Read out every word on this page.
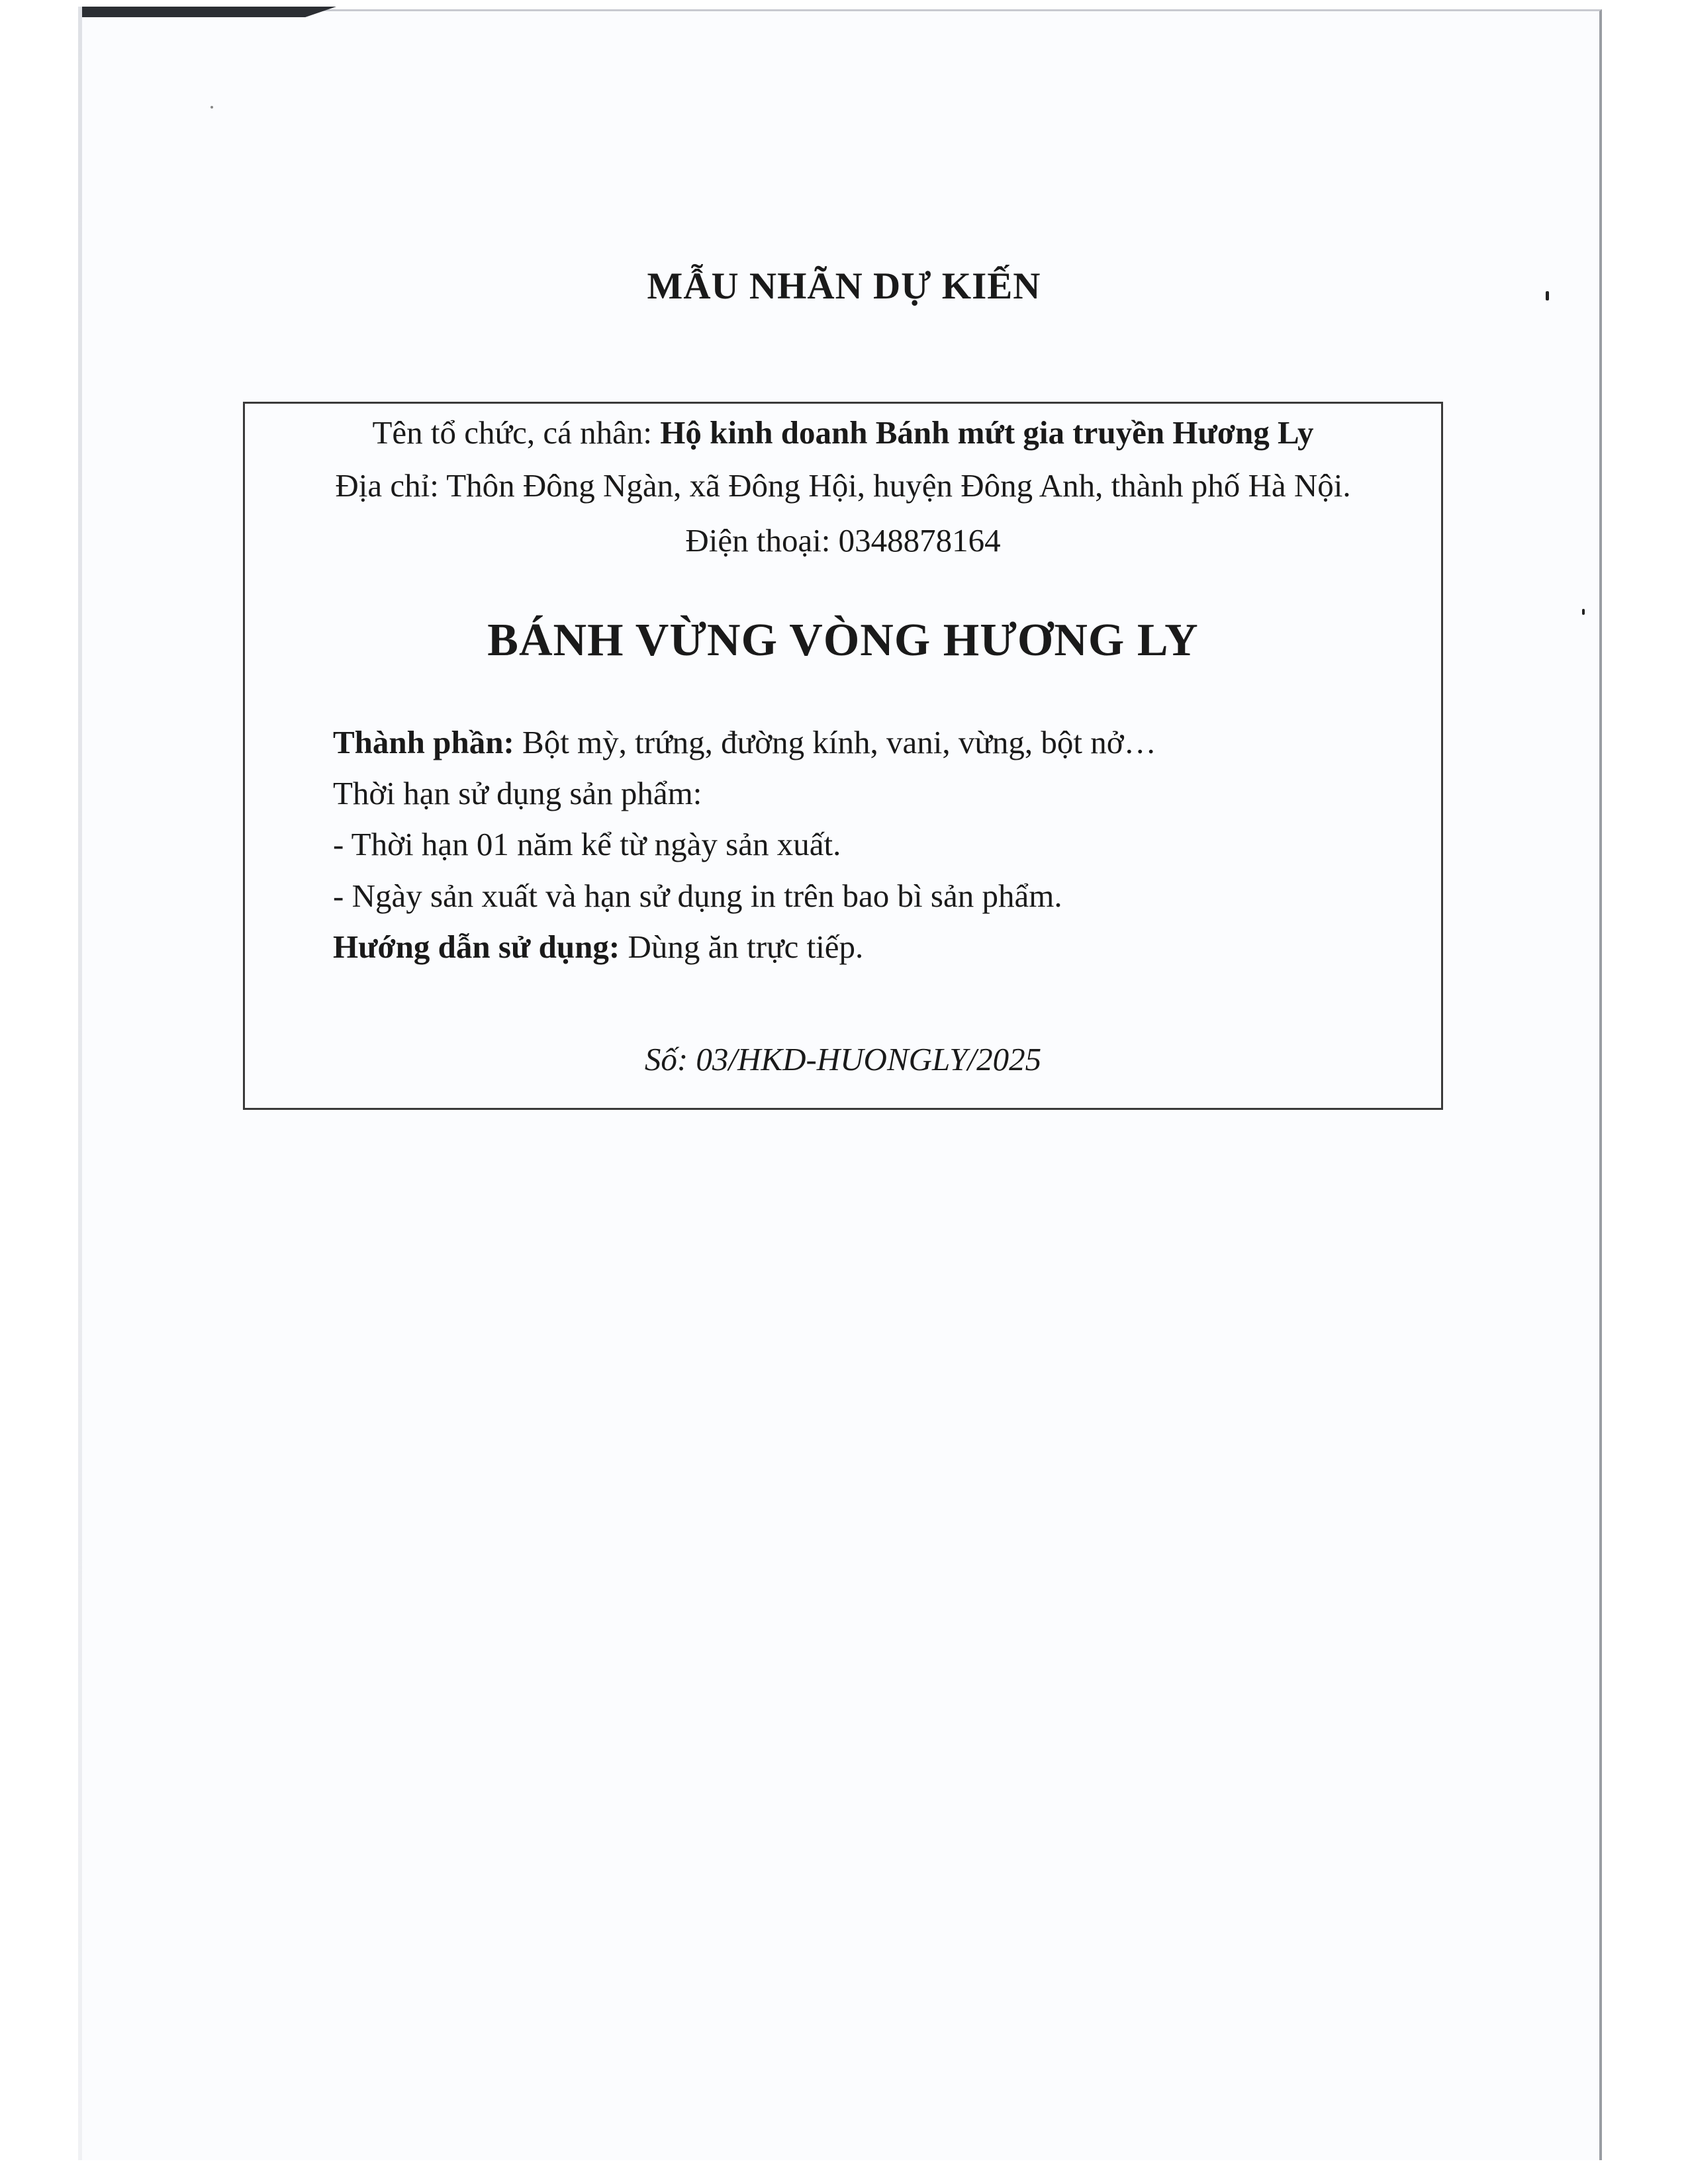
MẪU NHÃN DỰ KIẾN
Tên tổ chức, cá nhân: Hộ kinh doanh Bánh mứt gia truyền Hương Ly
Địa chỉ: Thôn Đông Ngàn, xã Đông Hội, huyện Đông Anh, thành phố Hà Nội.
Điện thoại: 0348878164
BÁNH VỪNG VÒNG HƯƠNG LY
Thành phần: Bột mỳ, trứng, đường kính, vani, vừng, bột nở…
Thời hạn sử dụng sản phẩm:
- Thời hạn 01 năm kể từ ngày sản xuất.
- Ngày sản xuất và hạn sử dụng in trên bao bì sản phẩm.
Hướng dẫn sử dụng: Dùng ăn trực tiếp.
Số: 03/HKD-HUONGLY/2025
